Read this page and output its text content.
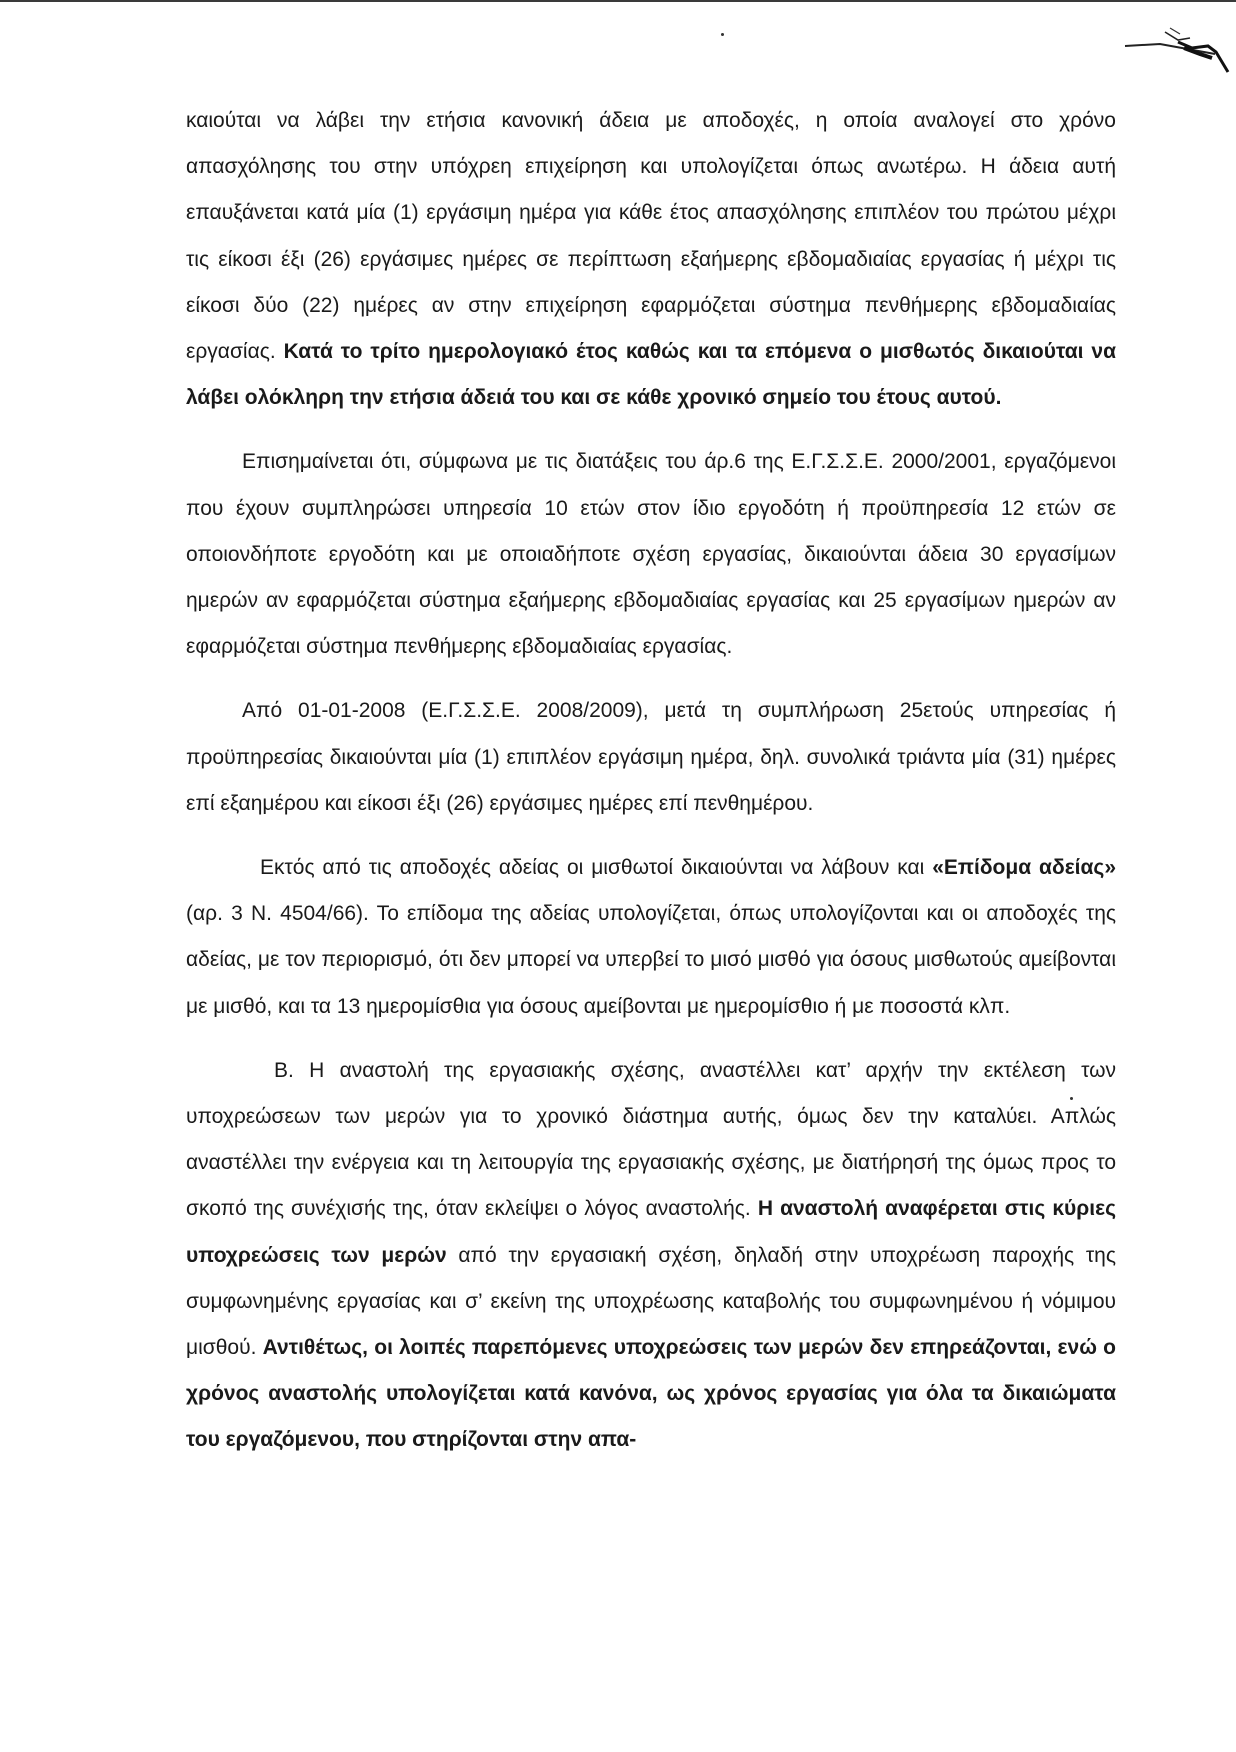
καιούται να λάβει την ετήσια κανονική άδεια με αποδοχές, η οποία αναλογεί στο χρόνο απασχόλησης του στην υπόχρεη επιχείρηση και υπολογίζεται όπως ανωτέρω. Η άδεια αυτή επαυξάνεται κατά μία (1) εργάσιμη ημέρα για κάθε έτος απασχόλησης επιπλέον του πρώτου μέχρι τις είκοσι έξι (26) εργάσιμες ημέρες σε περίπτωση εξαήμερης εβδομαδιαίας εργασίας ή μέχρι τις είκοσι δύο (22) ημέρες αν στην επιχείρηση εφαρμόζεται σύστημα πενθήμερης εβδομαδιαίας εργασίας. Κατά το τρίτο ημερολογιακό έτος καθώς και τα επόμενα ο μισθωτός δικαιούται να λάβει ολόκληρη την ετήσια άδειά του και σε κάθε χρονικό σημείο του έτους αυτού.

Επισημαίνεται ότι, σύμφωνα με τις διατάξεις του άρ.6 της Ε.Γ.Σ.Σ.Ε. 2000/2001, εργαζόμενοι που έχουν συμπληρώσει υπηρεσία 10 ετών στον ίδιο εργοδότη ή προϋπηρεσία 12 ετών σε οποιονδήποτε εργοδότη και με οποιαδήποτε σχέση εργασίας, δικαιούνται άδεια 30 εργασίμων ημερών αν εφαρμόζεται σύστημα εξαήμερης εβδομαδιαίας εργασίας και 25 εργασίμων ημερών αν εφαρμόζεται σύστημα πενθήμερης εβδομαδιαίας εργασίας.

Από 01-01-2008 (Ε.Γ.Σ.Σ.Ε. 2008/2009), μετά τη συμπλήρωση 25ετούς υπηρεσίας ή προϋπηρεσίας δικαιούνται μία (1) επιπλέον εργάσιμη ημέρα, δηλ. συνολικά τριάντα μία (31) ημέρες επί εξαημέρου και είκοσι έξι (26) εργάσιμες ημέρες επί πενθημέρου.

Εκτός από τις αποδοχές αδείας οι μισθωτοί δικαιούνται να λάβουν και «Επίδομα αδείας» (αρ. 3 Ν. 4504/66). Το επίδομα της αδείας υπολογίζεται, όπως υπολογίζονται και οι αποδοχές της αδείας, με τον περιορισμό, ότι δεν μπορεί να υπερβεί το μισό μισθό για όσους μισθωτούς αμείβονται με μισθό, και τα 13 ημερομίσθια για όσους αμείβονται με ημερομίσθιο ή με ποσοστά κλπ.

Β. Η αναστολή της εργασιακής σχέσης, αναστέλλει κατ’ αρχήν την εκτέλεση των υποχρεώσεων των μερών για το χρονικό διάστημα αυτής, όμως δεν την καταλύει. Απλώς αναστέλλει την ενέργεια και τη λειτουργία της εργασιακής σχέσης, με διατήρησή της όμως προς το σκοπό της συνέχισής της, όταν εκλείψει ο λόγος αναστολής. Η αναστολή αναφέρεται στις κύριες υποχρεώσεις των μερών από την εργασιακή σχέση, δηλαδή στην υποχρέωση παροχής της συμφωνημένης εργασίας και σ’ εκείνη της υποχρέωσης καταβολής του συμφωνημένου ή νόμιμου μισθού. Αντιθέτως, οι λοιπές παρεπόμενες υποχρεώσεις των μερών δεν επηρεάζονται, ενώ ο χρόνος αναστολής υπολογίζεται κατά κανόνα, ως χρόνος εργασίας για όλα τα δικαιώματα του εργαζόμενου, που στηρίζονται στην απα-
